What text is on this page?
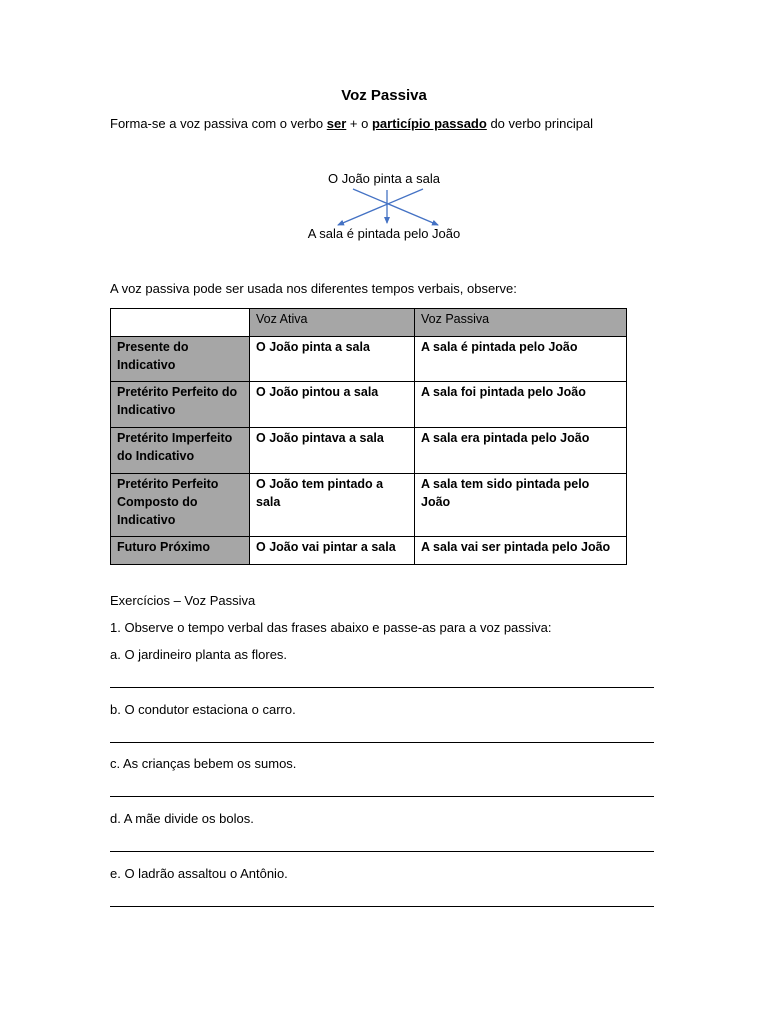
Voz Passiva
Forma-se a voz passiva com o verbo ser + o particípio passado do verbo principal
O João pinta a sala
A sala é pintada pelo João
A voz passiva pode ser usada nos diferentes tempos verbais, observe:
	Voz Ativa	Voz Passiva
Presente do Indicativo	O João pinta a sala	A sala é pintada pelo João
Pretérito Perfeito do Indicativo	O João pintou a sala	A sala foi pintada pelo João
Pretérito Imperfeito do Indicativo	O João pintava a sala	A sala era pintada pelo João
Pretérito Perfeito Composto do Indicativo	O João tem pintado a sala	A sala tem sido pintada pelo João
Futuro Próximo	O João vai pintar a sala	A sala vai ser pintada pelo João
Exercícios – Voz Passiva
1. Observe o tempo verbal das frases abaixo e passe-as para a voz passiva:
a. O jardineiro planta as flores.
b. O condutor estaciona o carro.
c. As crianças bebem os sumos.
d. A mãe divide os bolos.
e. O ladrão assaltou o Antônio.
